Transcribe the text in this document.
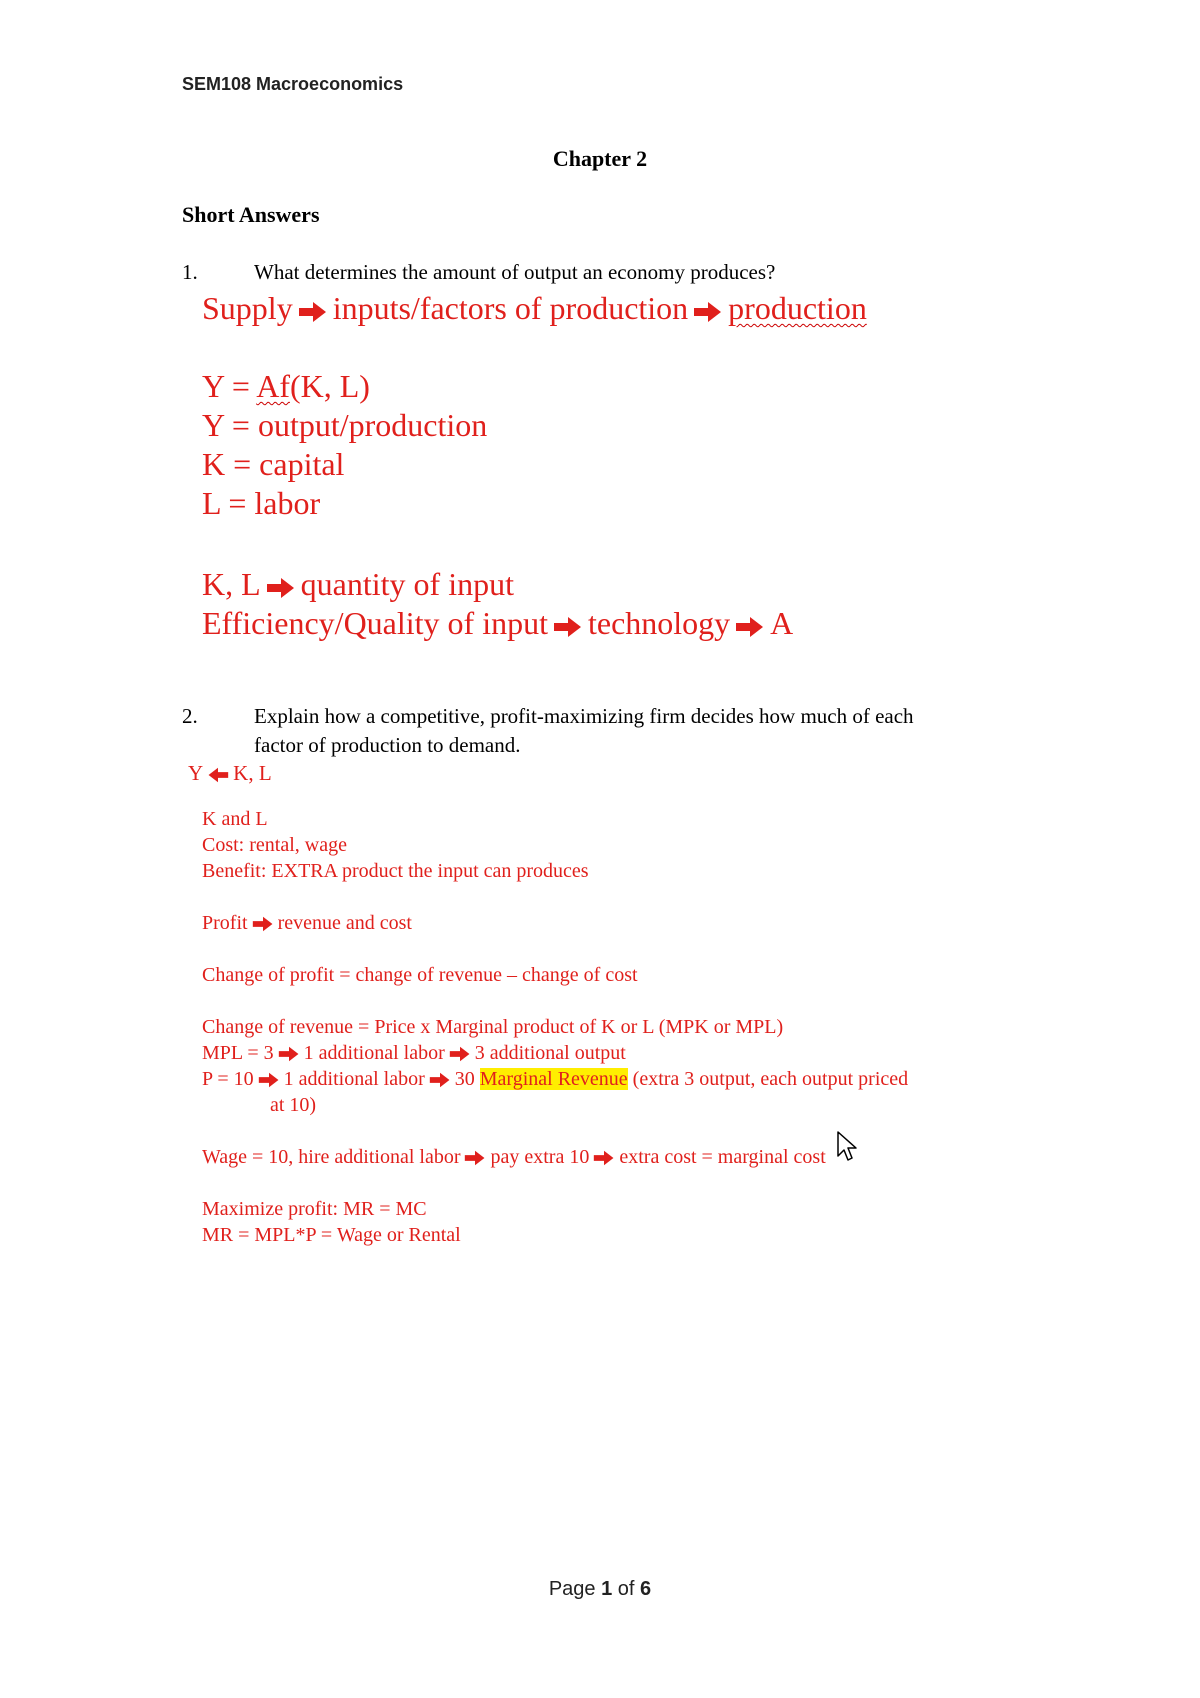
SEM108 Macroeconomics
Chapter 2
Short Answers
1.	What determines the amount of output an economy produces?
Supply inputs/factors of production production
Y = Af(K, L)
Y = output/production
K = capital
L = labor
K, L quantity of input
Efficiency/Quality of input technology A
2.	Explain how a competitive, profit-maximizing firm decides how much of each
factor of production to demand.
Y K, L
K and L
Cost: rental, wage
Benefit: EXTRA product the input can produces
Profit revenue and cost
Change of profit = change of revenue – change of cost
Change of revenue = Price x Marginal product of K or L (MPK or MPL)
MPL = 3 1 additional labor 3 additional output
P = 10 1 additional labor 30 Marginal Revenue (extra 3 output, each output priced
at 10)
Wage = 10, hire additional labor pay extra 10 extra cost = marginal cost
Maximize profit: MR = MC
MR = MPL*P = Wage or Rental
Page 1 of 6
